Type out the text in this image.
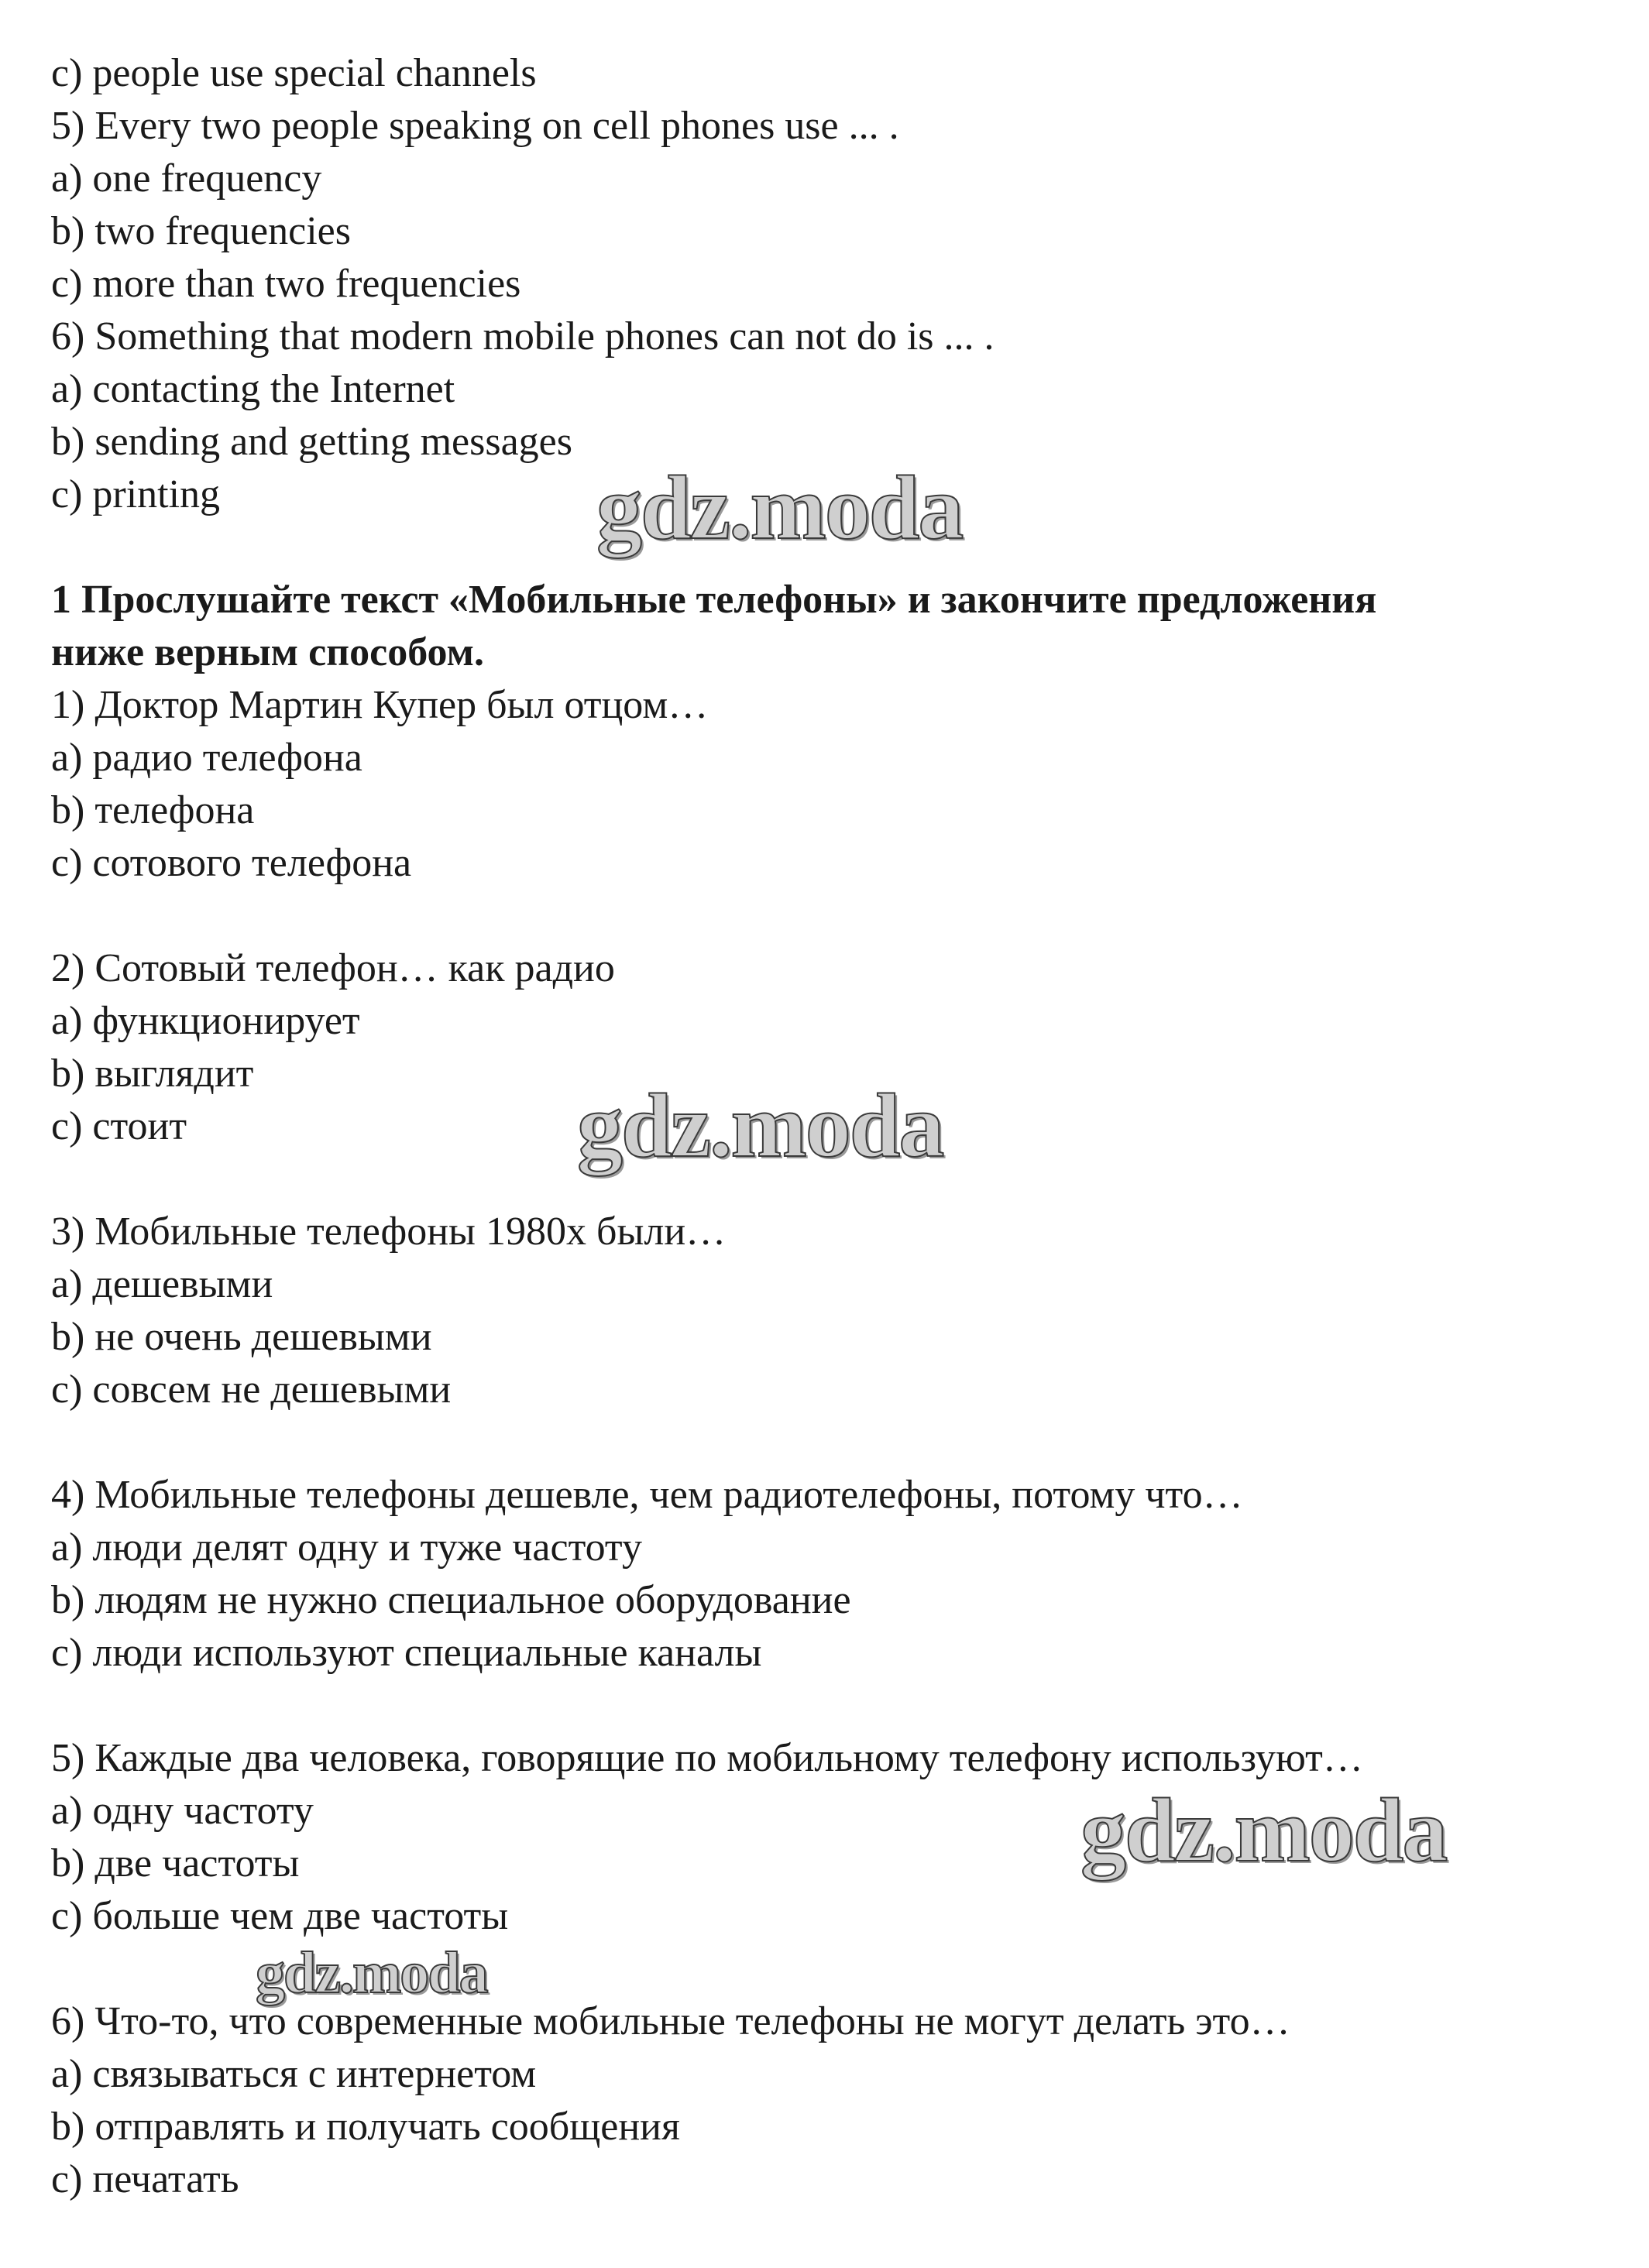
c) people use special channels
5) Every two people speaking on cell phones use ... .
a) one frequency
b) two frequencies
c) more than two frequencies
6) Something that modern mobile phones can not do is ... .
a) contacting the Internet
b) sending and getting messages
c) printing
1 Прослушайте текст «Мобильные телефоны» и закончите предложения
ниже верным способом.
1) Доктор Мартин Купер был отцом…
a) радио телефона
b) телефона
c) сотового телефона
2) Сотовый телефон… как радио
a) функционирует
b) выглядит
c) стоит
3) Мобильные телефоны 1980х были…
a) дешевыми
b) не очень дешевыми
c) совсем не дешевыми
4) Мобильные телефоны дешевле, чем радиотелефоны, потому что…
a) люди делят одну и туже частоту
b) людям не нужно специальное оборудование
c) люди используют специальные каналы
5) Каждые два человека, говорящие по мобильному телефону используют…
a) одну частоту
b) две частоты
c) больше чем две частоты
6) Что-то, что современные мобильные телефоны не могут делать это…
a) связываться с интернетом
b) отправлять и получать сообщения
c) печатать
gdz.moda
gdz.moda
gdz.moda
gdz.moda
